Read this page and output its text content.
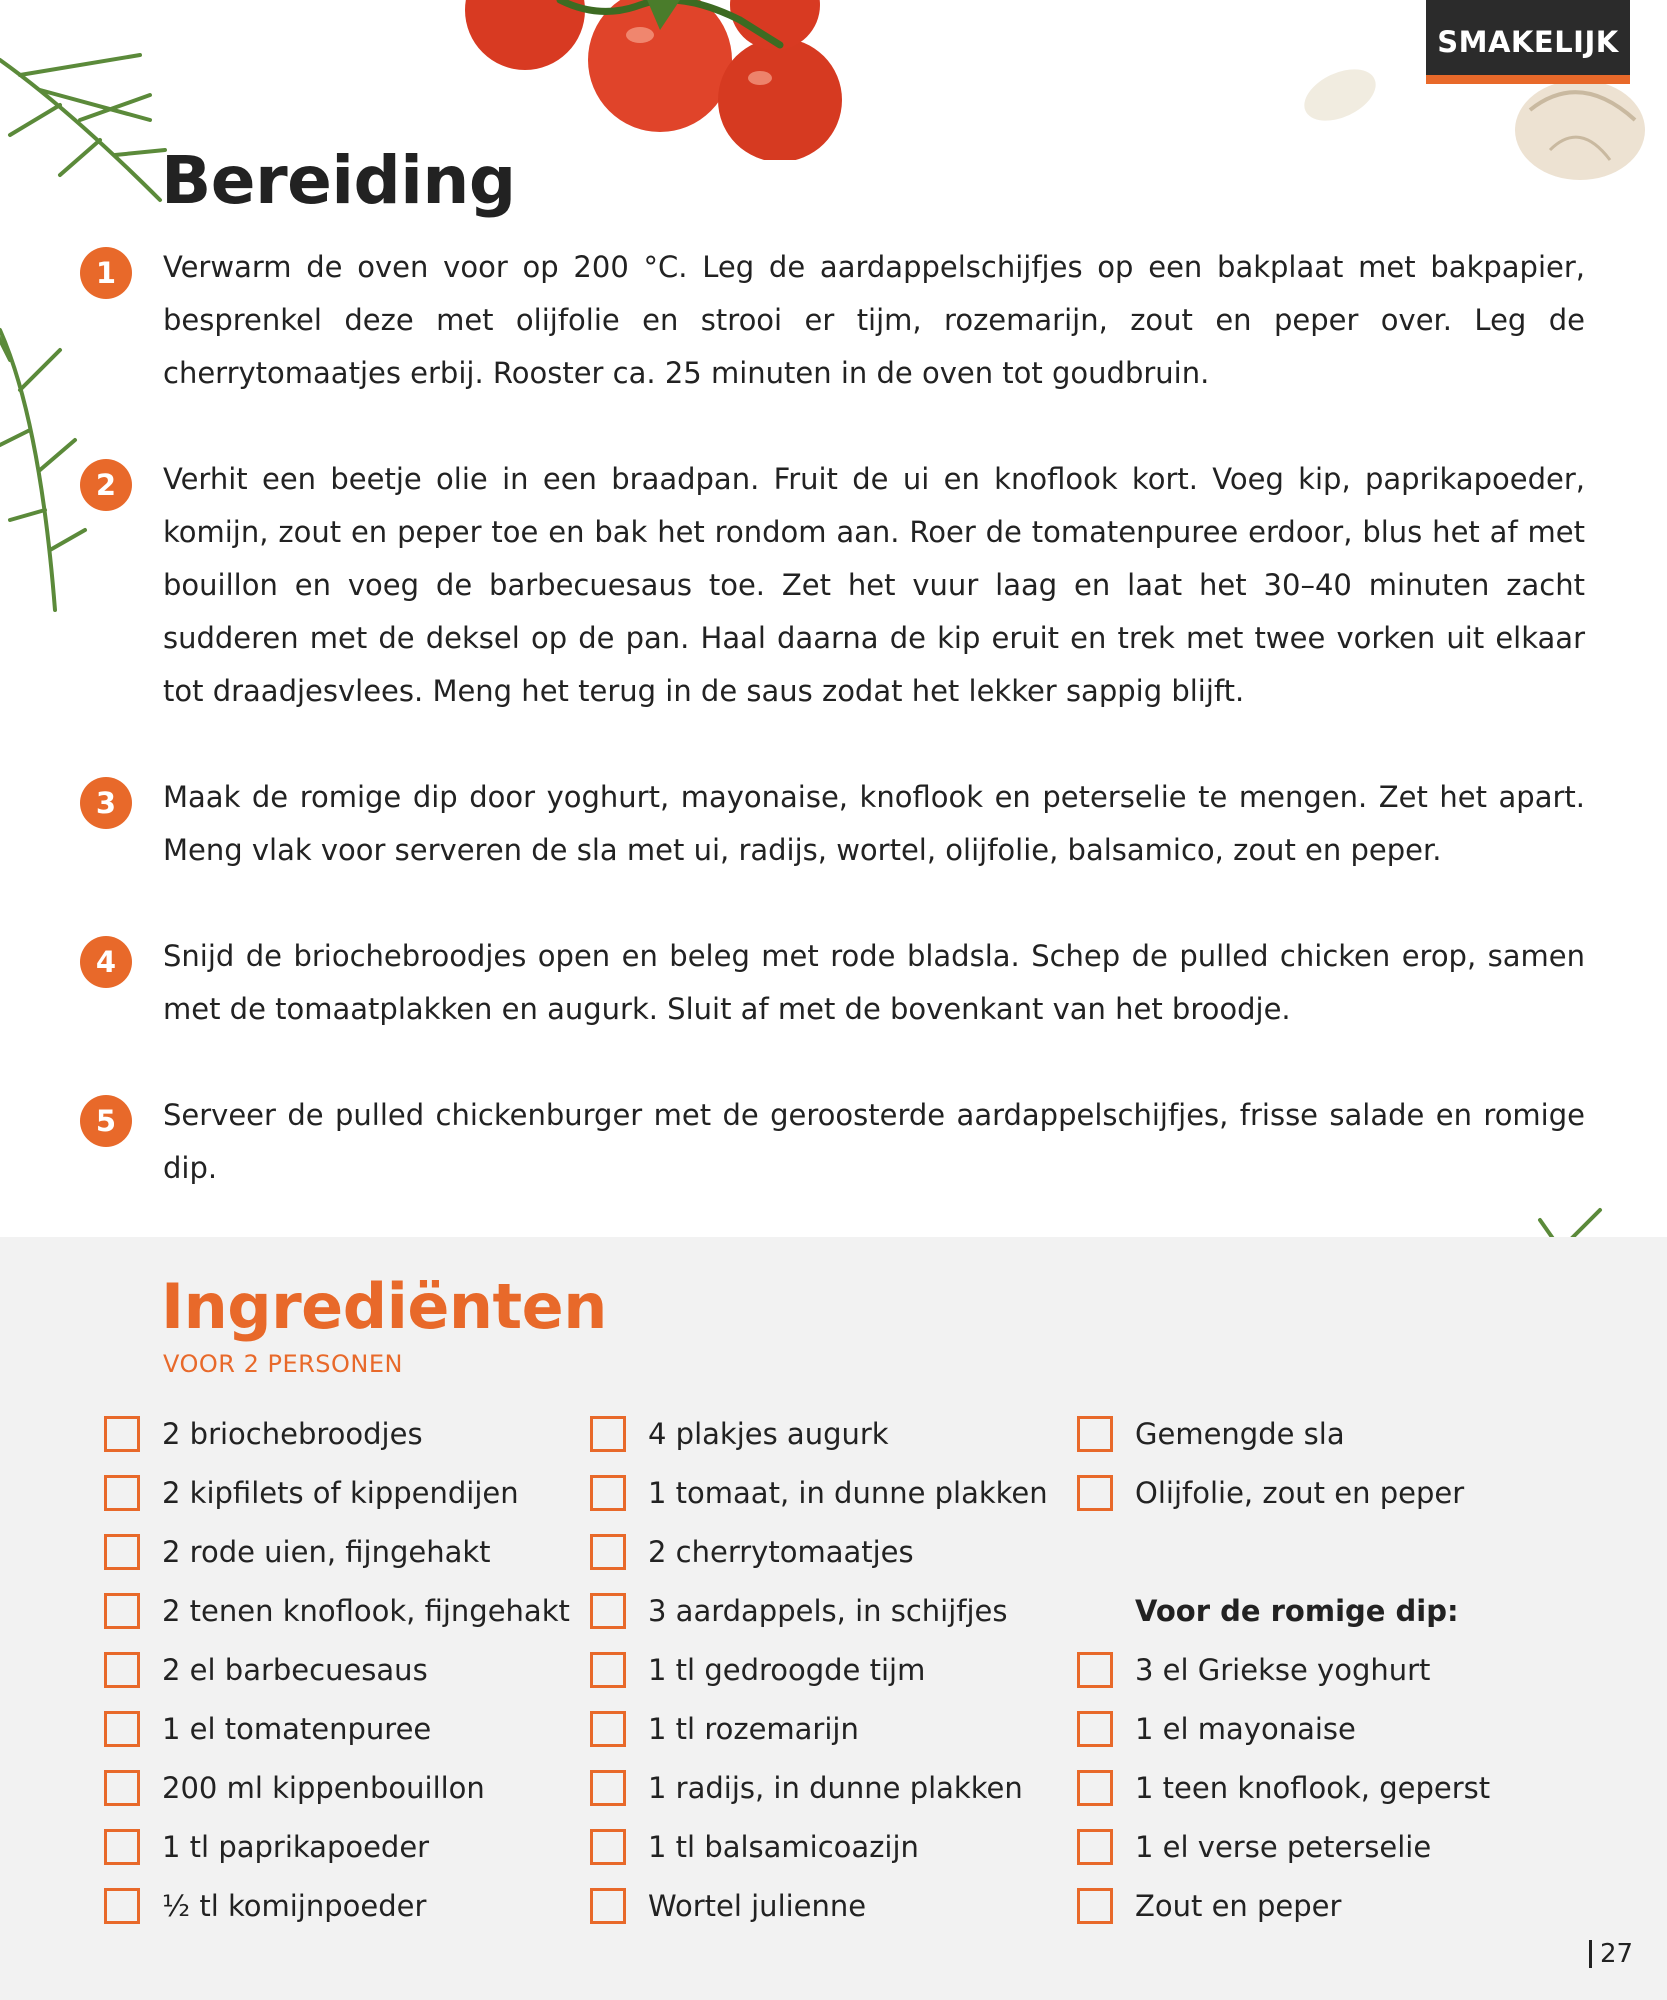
SMAKELIJK
Bereiding
1	Verwarm de oven voor op 200 °C. Leg de aardappelschijfjes op een bakplaat met bakpapier, besprenkel deze met olijfolie en strooi er tijm, rozemarijn, zout en peper over. Leg de cherrytomaatjes erbij. Rooster ca. 25 minuten in de oven tot goudbruin.
2	Verhit een beetje olie in een braadpan. Fruit de ui en knoflook kort. Voeg kip, paprikapoeder, komijn, zout en peper toe en bak het rondom aan. Roer de tomatenpuree erdoor, blus het af met bouillon en voeg de barbecuesaus toe. Zet het vuur laag en laat het 30–40 minuten zacht sudderen met de deksel op de pan. Haal daarna de kip eruit en trek met twee vorken uit elkaar tot draadjesvlees. Meng het terug in de saus zodat het lekker sappig blijft.
3	Maak de romige dip door yoghurt, mayonaise, knoflook en peterselie te mengen. Zet het apart. Meng vlak voor serveren de sla met ui, radijs, wortel, olijfolie, balsamico, zout en peper.
4	Snijd de briochebroodjes open en beleg met rode bladsla. Schep de pulled chicken erop, samen met de tomaatplakken en augurk. Sluit af met de bovenkant van het broodje.
5	Serveer de pulled chickenburger met de geroosterde aardappelschijfjes, frisse salade en romige dip.
Ingrediënten
VOOR 2 PERSONEN
2 briochebroodjes
2 kipfilets of kippendijen
2 rode uien, fijngehakt
2 tenen knoflook, fijngehakt
2 el barbecuesaus
1 el tomatenpuree
200 ml kippenbouillon
1 tl paprikapoeder
½ tl komijnpoeder
4 plakjes augurk
1 tomaat, in dunne plakken
2 cherrytomaatjes
3 aardappels, in schijfjes
1 tl gedroogde tijm
1 tl rozemarijn
1 radijs, in dunne plakken
1 tl balsamicoazijn
Wortel julienne
Gemengde sla
Olijfolie, zout en peper
Voor de romige dip:
3 el Griekse yoghurt
1 el mayonaise
1 teen knoflook, geperst
1 el verse peterselie
Zout en peper
27
